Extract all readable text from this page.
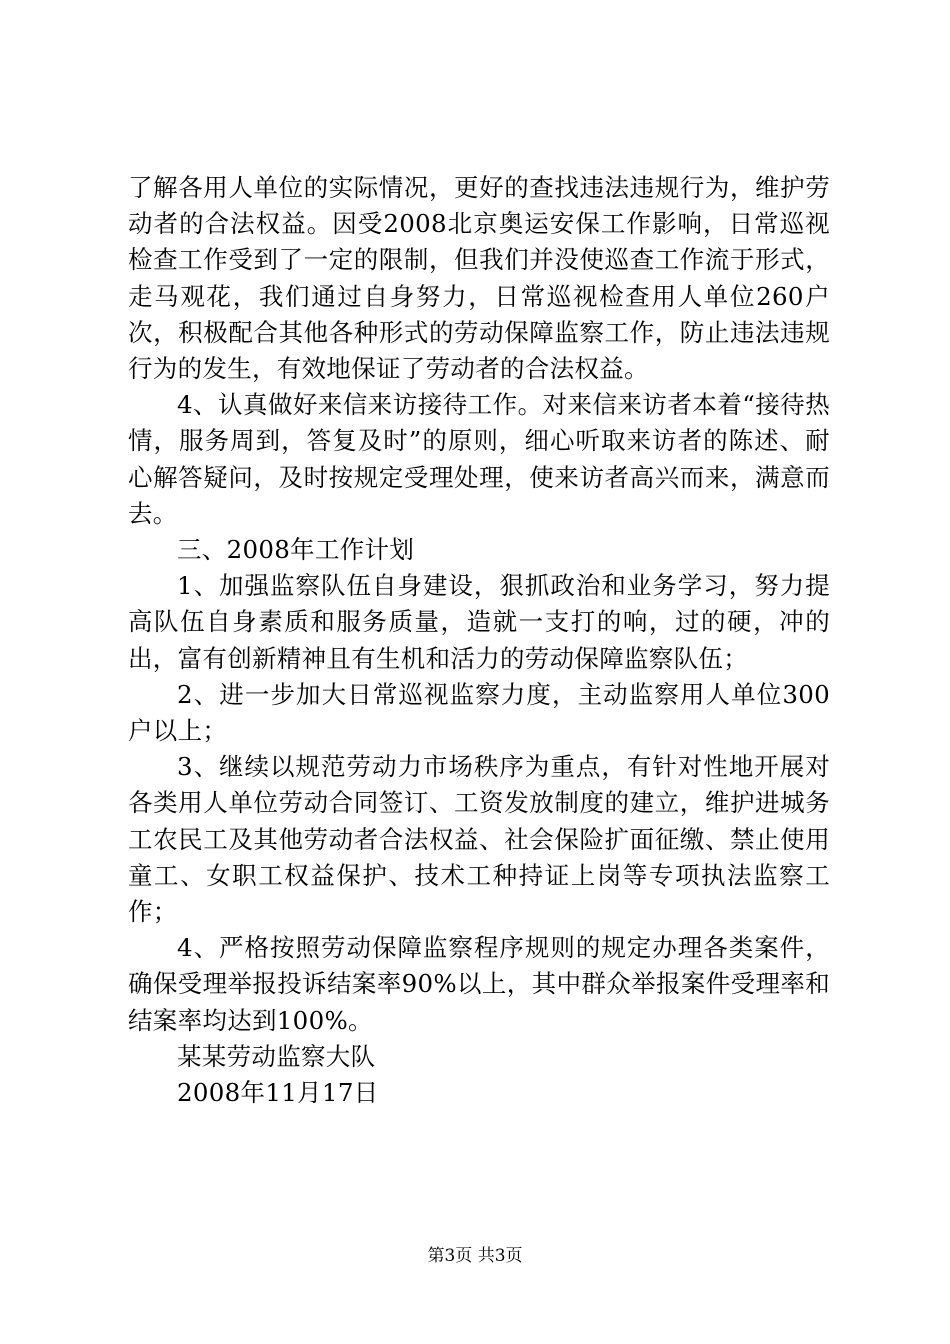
了解各用人单位的实际情况，更好的查找违法违规行为，维护劳动者的合法权益。因受2008北京奥运安保工作影响，日常巡视检查工作受到了一定的限制，但我们并没使巡查工作流于形式，走马观花，我们通过自身努力，日常巡视检查用人单位260户次，积极配合其他各种形式的劳动保障监察工作，防止违法违规行为的发生，有效地保证了劳动者的合法权益。

4、认真做好来信来访接待工作。对来信来访者本着“接待热情，服务周到，答复及时”的原则，细心听取来访者的陈述、耐心解答疑问，及时按规定受理处理，使来访者高兴而来，满意而去。

三、2008年工作计划

1、加强监察队伍自身建设，狠抓政治和业务学习，努力提高队伍自身素质和服务质量，造就一支打的响，过的硬，冲的出，富有创新精神且有生机和活力的劳动保障监察队伍；

2、进一步加大日常巡视监察力度，主动监察用人单位300户以上；

3、继续以规范劳动力市场秩序为重点，有针对性地开展对各类用人单位劳动合同签订、工资发放制度的建立，维护进城务工农民工及其他劳动者合法权益、社会保险扩面征缴、禁止使用童工、女职工权益保护、技术工种持证上岗等专项执法监察工作；

4、严格按照劳动保障监察程序规则的规定办理各类案件，确保受理举报投诉结案率90%以上，其中群众举报案件受理率和结案率均达到100%。

某某劳动监察大队

2008年11月17日

第3页 共3页
